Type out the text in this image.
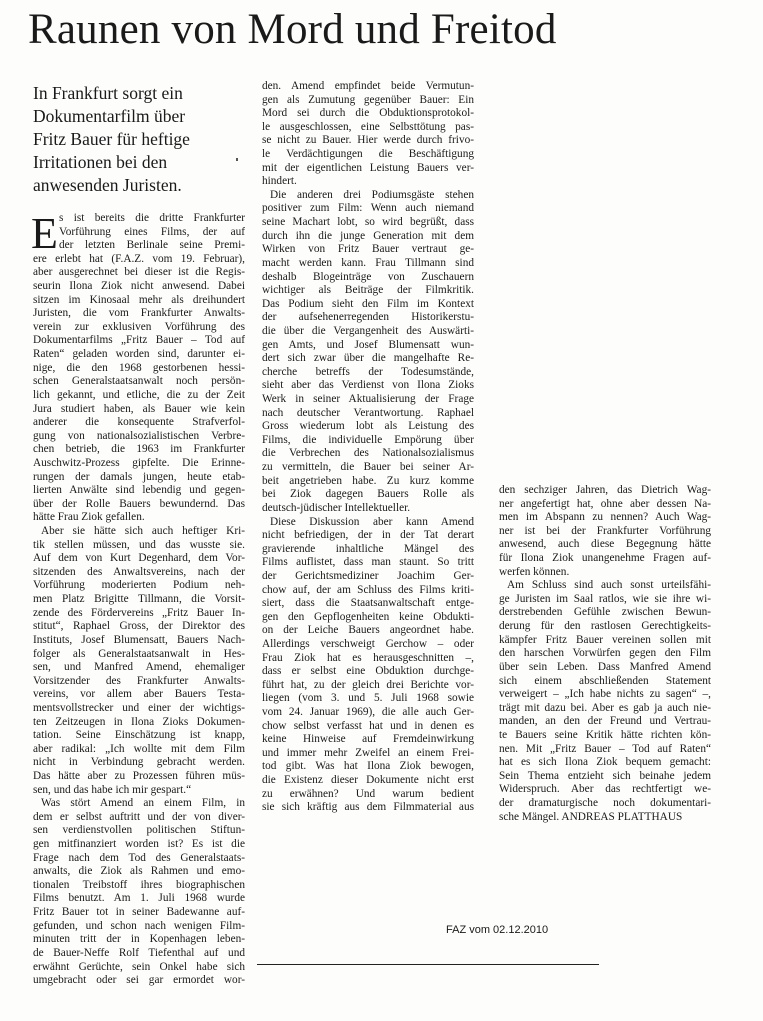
Raunen von Mord und Freitod
In Frankfurt sorgt ein
Dokumentarfilm über
Fritz Bauer für heftige
Irritationen bei den
anwesenden Juristen.
E s ist bereits die dritte Frankfurter
Vorführung eines Films, der auf
der letzten Berlinale seine Premi-
ere erlebt hat (F.A.Z. vom 19. Februar),
aber ausgerechnet bei dieser ist die Regis-
seurin Ilona Ziok nicht anwesend. Dabei
sitzen im Kinosaal mehr als dreihundert
Juristen, die vom Frankfurter Anwalts-
verein zur exklusiven Vorführung des
Dokumentarfilms „Fritz Bauer – Tod auf
Raten“ geladen worden sind, darunter ei-
nige, die den 1968 gestorbenen hessi-
schen Generalstaatsanwalt noch persön-
lich gekannt, und etliche, die zu der Zeit
Jura studiert haben, als Bauer wie kein
anderer die konsequente Strafverfol-
gung von nationalsozialistischen Verbre-
chen betrieb, die 1963 im Frankfurter
Auschwitz-Prozess gipfelte. Die Erinne-
rungen der damals jungen, heute etab-
lierten Anwälte sind lebendig und gegen-
über der Rolle Bauers bewundernd. Das
hätte Frau Ziok gefallen.
Aber sie hätte sich auch heftiger Kri-
tik stellen müssen, und das wusste sie.
Auf dem von Kurt Degenhard, dem Vor-
sitzenden des Anwaltsvereins, nach der
Vorführung moderierten Podium neh-
men Platz Brigitte Tillmann, die Vorsit-
zende des Fördervereins „Fritz Bauer In-
stitut“, Raphael Gross, der Direktor des
Instituts, Josef Blumensatt, Bauers Nach-
folger als Generalstaatsanwalt in Hes-
sen, und Manfred Amend, ehemaliger
Vorsitzender des Frankfurter Anwalts-
vereins, vor allem aber Bauers Testa-
mentsvollstrecker und einer der wichtigs-
ten Zeitzeugen in Ilona Zioks Dokumen-
tation. Seine Einschätzung ist knapp,
aber radikal: „Ich wollte mit dem Film
nicht in Verbindung gebracht werden.
Das hätte aber zu Prozessen führen müs-
sen, und das habe ich mir gespart.“
Was stört Amend an einem Film, in
dem er selbst auftritt und der von diver-
sen verdienstvollen politischen Stiftun-
gen mitfinanziert worden ist? Es ist die
Frage nach dem Tod des Generalstaats-
anwalts, die Ziok als Rahmen und emo-
tionalen Treibstoff ihres biographischen
Films benutzt. Am 1. Juli 1968 wurde
Fritz Bauer tot in seiner Badewanne auf-
gefunden, und schon nach wenigen Film-
minuten tritt der in Kopenhagen leben-
de Bauer-Neffe Rolf Tiefenthal auf und
erwähnt Gerüchte, sein Onkel habe sich
umgebracht oder sei gar ermordet wor-
den. Amend empfindet beide Vermutun-
gen als Zumutung gegenüber Bauer: Ein
Mord sei durch die Obduktionsprotokol-
le ausgeschlossen, eine Selbsttötung pas-
se nicht zu Bauer. Hier werde durch frivo-
le Verdächtigungen die Beschäftigung
mit der eigentlichen Leistung Bauers ver-
hindert.
Die anderen drei Podiumsgäste stehen
positiver zum Film: Wenn auch niemand
seine Machart lobt, so wird begrüßt, dass
durch ihn die junge Generation mit dem
Wirken von Fritz Bauer vertraut ge-
macht werden kann. Frau Tillmann sind
deshalb Blogeinträge von Zuschauern
wichtiger als Beiträge der Filmkritik.
Das Podium sieht den Film im Kontext
der aufsehenerregenden Historikerstu-
die über die Vergangenheit des Auswärti-
gen Amts, und Josef Blumensatt wun-
dert sich zwar über die mangelhafte Re-
cherche betreffs der Todesumstände,
sieht aber das Verdienst von Ilona Zioks
Werk in seiner Aktualisierung der Frage
nach deutscher Verantwortung. Raphael
Gross wiederum lobt als Leistung des
Films, die individuelle Empörung über
die Verbrechen des Nationalsozialismus
zu vermitteln, die Bauer bei seiner Ar-
beit angetrieben habe. Zu kurz komme
bei Ziok dagegen Bauers Rolle als
deutsch-jüdischer Intellektueller.
Diese Diskussion aber kann Amend
nicht befriedigen, der in der Tat derart
gravierende inhaltliche Mängel des
Films auflistet, dass man staunt. So tritt
der Gerichtsmediziner Joachim Ger-
chow auf, der am Schluss des Films kriti-
siert, dass die Staatsanwaltschaft entge-
gen den Gepflogenheiten keine Obdukti-
on der Leiche Bauers angeordnet habe.
Allerdings verschweigt Gerchow – oder
Frau Ziok hat es herausgeschnitten –,
dass er selbst eine Obduktion durchge-
führt hat, zu der gleich drei Berichte vor-
liegen (vom 3. und 5. Juli 1968 sowie
vom 24. Januar 1969), die alle auch Ger-
chow selbst verfasst hat und in denen es
keine Hinweise auf Fremdeinwirkung
und immer mehr Zweifel an einem Frei-
tod gibt. Was hat Ilona Ziok bewogen,
die Existenz dieser Dokumente nicht erst
zu erwähnen? Und warum bedient
sie sich kräftig aus dem Filmmaterial aus
den sechziger Jahren, das Dietrich Wag-
ner angefertigt hat, ohne aber dessen Na-
men im Abspann zu nennen? Auch Wag-
ner ist bei der Frankfurter Vorführung
anwesend, auch diese Begegnung hätte
für Ilona Ziok unangenehme Fragen auf-
werfen können.
Am Schluss sind auch sonst urteilsfähi-
ge Juristen im Saal ratlos, wie sie ihre wi-
derstrebenden Gefühle zwischen Bewun-
derung für den rastlosen Gerechtigkeits-
kämpfer Fritz Bauer vereinen sollen mit
den harschen Vorwürfen gegen den Film
über sein Leben. Dass Manfred Amend
sich einem abschließenden Statement
verweigert – „Ich habe nichts zu sagen“ –,
trägt mit dazu bei. Aber es gab ja auch nie-
manden, an den der Freund und Vertrau-
te Bauers seine Kritik hätte richten kön-
nen. Mit „Fritz Bauer – Tod auf Raten“
hat es sich Ilona Ziok bequem gemacht:
Sein Thema entzieht sich beinahe jedem
Widerspruch. Aber das rechtfertigt we-
der dramaturgische noch dokumentari-
sche Mängel. ANDREAS PLATTHAUS
FAZ vom 02.12.2010
